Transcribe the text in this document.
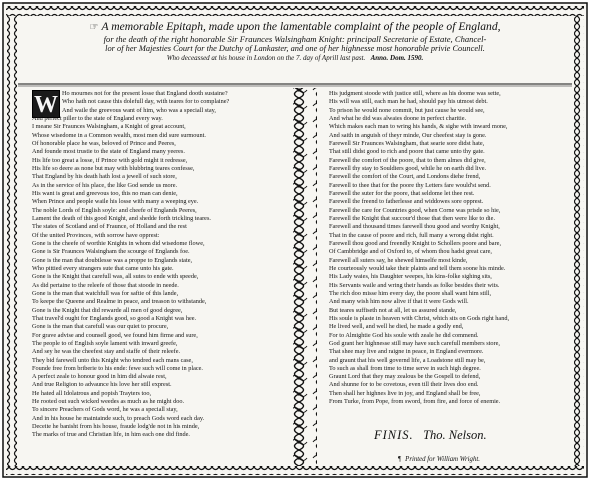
☞ A memorable Epitaph, made upon the lamentable complaint of the people of England,
for the death of the right honorable Sir Fraunces Walsingham Knight: principall Secretarie of Estate, Chancel-
lor of her Majesties Court for the Dutchy of Lankaster, and one of her highnesse most honorable privie Councell.
Who deceassed at his house in London on the 7. day of Aprill last past. Anno. Dom. 1590.
W Ho mournes not for the present losse that England dooth sustaine?
Who hath not cause this dolefull day, with teares for to complaine?
And waile the greevous want of him, who was a speciall stay,
And perfect piller to the state of England every way.
I meane Sir Fraunces Walsingham, a Knight of great account,
Whose wisedome in a Common wealth, most men did sure surmount.
Of honorable place he was, beloved of Prince and Peeres,
And founde most trustie to the state of England many yeeres.
His life too great a losse, if Prince with gold might it redresse,
His life so deere as none but may with blubbring teares confesse,
That England by his death hath lost a jewell of such store,
As in the service of his place, the like God sende us more.
His want is great and greevous too, this no man can denie,
When Prince and people waile his losse with many a weeping eye.
The noble Lords of English soyle: and cheefe of Englands Peeres,
Lament the death of this good Knight, and shedde forth trickling teares.
The states of Scotland and of Fraunce, of Holland and the rest
Of the united Provinces, with sorrow have opprest:
Gone is the cheefe of worthie Knights in whom did wisedome flowe,
Gone is Sir Fraunces Walsingham the scourge of Englands foe.
Gone is the man that doubtlesse was a proppe to Englands state,
Who pittied every strangers sute that came unto his gate.
Gone is the Knight that carefull was, all sutes to ende with speede,
As did pertaine to the releefe of those that stoode in neede.
Gone is the man that watchfull was for saftie of this lande,
To keepe the Queene and Realme in peace, and treason to withstande,
Gone is the Knight that did rewarde all men of good degree,
That travel'd ought for Englands good, so good a Knight was hee.
Gone is the man that carefull was our quiet to procure,
For grave advise and counsell good, we found him firme and sure,
The people to of English soyle lament with inward greefe,
And sey he was the cheefest stay and staffe of their releefe.
They bid farewell unto this Knight who tendred each mans case,
Founde free from briberie to his ende: fewe such will come in place.
A perfect zeale to honour good in him did alwaie rest,
And true Religion to advaunce his love her still exprest.
He hated all Idolatrous and popish Trayters too,
He rooted out such wicked weedes as much as he might doo.
To sincere Preachers of Gods word, he was a speciall stay,
And in his house he maintainde such, to preach Gods word each day.
Deceite he banisht from his house, fraude lodg'de not in his minde,
The marks of true and Christian life, in him each one did finde.
His judgment stoode with justice still, where as his doome was sette,
His will was still, each man he had, should pay his utmost debt.
To prison he would none commit, but just cause he would see,
And what he did was alwaies doone in perfect charitie.
Which makes each man to wring his hands, & sighe with inward mone,
And saith in anguish of theyr minde, Our cheefest stay is gone.
Farewell Sir Fraunces Walsingham, that searie sore didst hate,
That still didst good to rich and poore that came unto thy gate.
Farewell the comfort of the poore, that to them almes did give,
Farewell thy stay to Souldiers good, while he on earth did live.
Farewell the comfort of the Court, and Londons diehe frend,
Farewell to thee that for the poore thy Letters fare would'st send.
Farewell the suter for the poore, that seldome let thee rest.
Farewell the freend to fatherlesse and widdowes sore opprest.
Farewell the care for Countries good, when Corne was prisde so hie,
Farewell the Knight that succour'd those that then were like to die.
Farewell and thousand times farewell thou good and worthy Knight,
That in the cause of poore and rich, full many a wrong didst right.
Farewell thou good and freendly Knight to Schollers poore and bare,
Of Cambbridge and of Oxford to, of whom thou hadst great care,
Farewell all suters say, he shewed himselfe most kinde,
He courteously would take their plaints and tell them soone his minde.
His Lady waies, his Daughter weepes, his kins-folke sighing sits,
His Servants waile and wring their hands as folke besides their wits.
The rich doo misse him every day, the poore shall want him still,
And many wish him now alive if that it were Gods will.
But teares suffiseth not at all, let us assured stande,
His soule is plaste in heaven with Christ, which sits on Gods right hand,
He lived well, and well he died, he made a godly end,
For to Almightie God his soule with zeale he did commend.
God grant her highnesse still may have such carefull members store,
That shee may live and raigne in peace, in England evermore.
and graunt that his well governd life, a Loadstone still may be,
To such as shall from time to time serve in such high degree.
Graunt Lord that they may zealous be the Gospell to defend,
And shunne for to be covetous, even till their lives doo end.
Then shall her highnes live in joy, and England shall be free,
From Turke, from Pope, from sword, from fire, and force of enemie.
FINIS. Tho. Nelson.
¶ Printed for William Wright.
